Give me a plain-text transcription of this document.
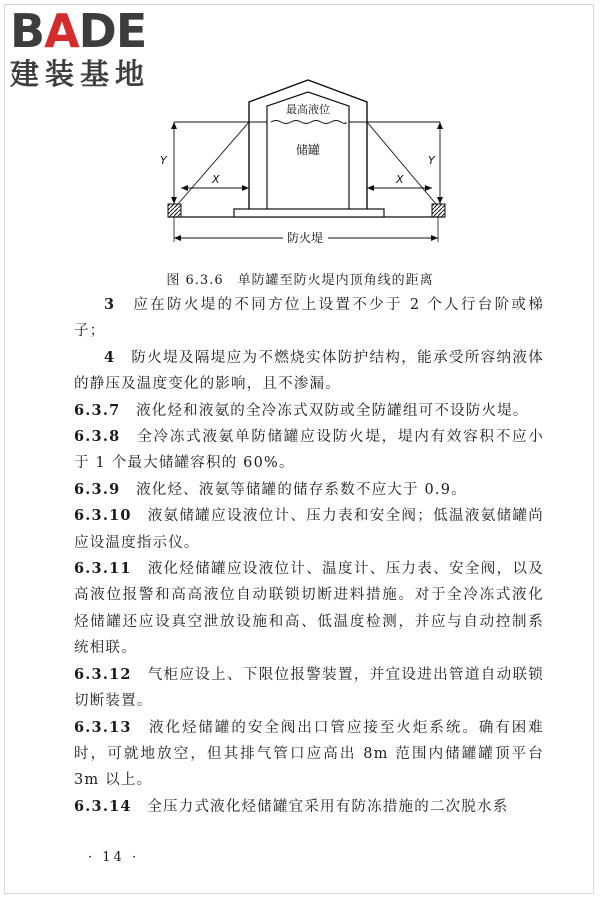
BADE
建装基地
最高液位
储罐
Y	Y
X	X
防火堤
图 6.3.6　单防罐至防火堤内顶角线的距离

3　 应在防火堤的不同方位上设置不少于 2 个人行台阶或梯子；

4　 防火堤及隔堤应为不燃烧实体防护结构，能承受所容纳液体的静压及温度变化的影响，且不渗漏。

6.3.7　 液化烃和液氨的全冷冻式双防或全防罐组可不设防火堤。

6.3.8　 全冷冻式液氨单防储罐应设防火堤，堤内有效容积不应小于 1 个最大储罐容积的 60%。

6.3.9　 液化烃、液氨等储罐的储存系数不应大于 0.9。

6.3.10　 液氨储罐应设液位计、压力表和安全阀；低温液氨储罐尚应设温度指示仪。

6.3.11　 液化烃储罐应设液位计、温度计、压力表、安全阀，以及高液位报警和高高液位自动联锁切断进料措施。对于全冷冻式液化烃储罐还应设真空泄放设施和高、低温度检测，并应与自动控制系统相联。

6.3.12　 气柜应设上、下限位报警装置，并宜设进出管道自动联锁切断装置。

6.3.13　 液化烃储罐的安全阀出口管应接至火炬系统。确有困难时，可就地放空，但其排气管口应高出 8m 范围内储罐罐顶平台 3m 以上。

6.3.14　 全压力式液化烃储罐宜采用有防冻措施的二次脱水系

· 14 ·
